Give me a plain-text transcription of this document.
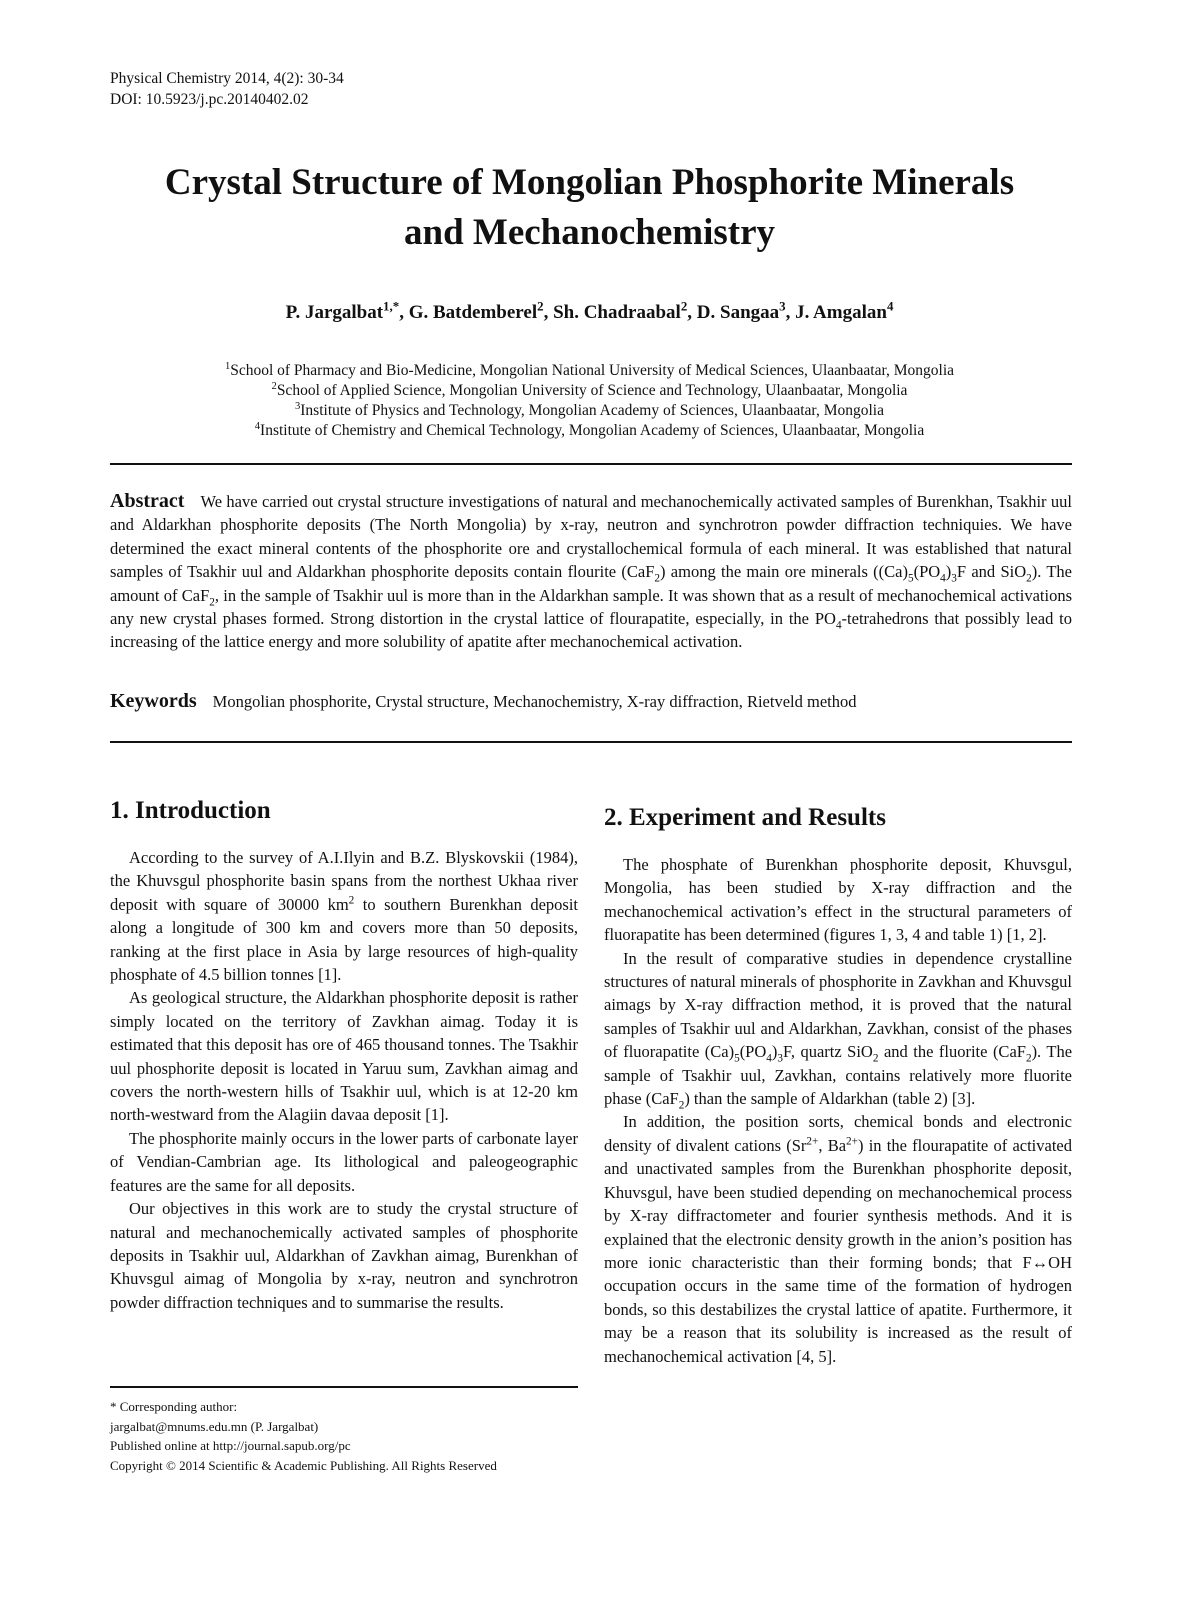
Physical Chemistry 2014, 4(2): 30-34
DOI: 10.5923/j.pc.20140402.02
Crystal Structure of Mongolian Phosphorite Minerals
and Mechanochemistry
P. Jargalbat$^{1,*}$, G. Batdemberel$^2$, Sh. Chadraabal$^2$, D. Sangaa$^3$, J. Amgalan$^4$
$^1$School of Pharmacy and Bio-Medicine, Mongolian National University of Medical Sciences, Ulaanbaatar, Mongolia
$^2$School of Applied Science, Mongolian University of Science and Technology, Ulaanbaatar, Mongolia
$^3$Institute of Physics and Technology, Mongolian Academy of Sciences, Ulaanbaatar, Mongolia
$^4$Institute of Chemistry and Chemical Technology, Mongolian Academy of Sciences, Ulaanbaatar, Mongolia
Abstract We have carried out crystal structure investigations of natural and mechanochemically activated samples of Burenkhan, Tsakhir uul and Aldarkhan phosphorite deposits (The North Mongolia) by x-ray, neutron and synchrotron powder diffraction techniquies. We have determined the exact mineral contents of the phosphorite ore and crystallochemical formula of each mineral. It was established that natural samples of Tsakhir uul and Aldarkhan phosphorite deposits contain flourite (CaF$_2$) among the main ore minerals ($(Ca)_5(PO_4)_3F$ and SiO$_2$). The amount of CaF$_2$, in the sample of Tsakhir uul is more than in the Aldarkhan sample. It was shown that as a result of mechanochemical activations any new crystal phases formed. Strong distortion in the crystal lattice of flourapatite, especially, in the $PO_4$-tetrahedrons that possibly lead to increasing of the lattice energy and more solubility of apatite after mechanochemical activation.
Keywords Mongolian phosphorite, Crystal structure, Mechanochemistry, X-ray diffraction, Rietveld method
1. Introduction

According to the survey of A.I.Ilyin and B.Z. Blyskovskii (1984), the Khuvsgul phosphorite basin spans from the northest Ukhaa river deposit with square of 30000 $km^2$ to southern Burenkhan deposit along a longitude of 300 km and covers more than 50 deposits, ranking at the first place in Asia by large resources of high-quality phosphate of 4.5 billion tonnes [1].

As geological structure, the Aldarkhan phosphorite deposit is rather simply located on the territory of Zavkhan aimag. Today it is estimated that this deposit has ore of 465 thousand tonnes. The Tsakhir uul phosphorite deposit is located in Yaruu sum, Zavkhan aimag and covers the north-western hills of Tsakhir uul, which is at 12-20 km north-westward from the Alagiin davaa deposit [1].

The phosphorite mainly occurs in the lower parts of carbonate layer of Vendian-Cambrian age. Its lithological and paleogeographic features are the same for all deposits.

Our objectives in this work are to study the crystal structure of natural and mechanochemically activated samples of phosphorite deposits in Tsakhir uul, Aldarkhan of Zavkhan aimag, Burenkhan of Khuvsgul aimag of Mongolia by x-ray, neutron and synchrotron powder diffraction techniques and to summarise the results.

* Corresponding author:
jargalbat@mnums.edu.mn (P. Jargalbat)
Published online at http://journal.sapub.org/pc
Copyright © 2014 Scientific & Academic Publishing. All Rights Reserved
2. Experiment and Results

The phosphate of Burenkhan phosphorite deposit, Khuvsgul, Mongolia, has been studied by X-ray diffraction and the mechanochemical activation’s effect in the structural parameters of fluorapatite has been determined (figures 1, 3, 4 and table 1) [1, 2].

In the result of comparative studies in dependence crystalline structures of natural minerals of phosphorite in Zavkhan and Khuvsgul aimags by X-ray diffraction method, it is proved that the natural samples of Tsakhir uul and Aldarkhan, Zavkhan, consist of the phases of fluorapatite $(Ca)_5(PO_4)_3F$, quartz SiO$_2$ and the fluorite (CaF$_2$). The sample of Tsakhir uul, Zavkhan, contains relatively more fluorite phase (CaF$_2$) than the sample of Aldarkhan (table 2) [3].

In addition, the position sorts, chemical bonds and electronic density of divalent cations ($Sr^{2+}$, $Ba^{2+}$) in the flourapatite of activated and unactivated samples from the Burenkhan phosphorite deposit, Khuvsgul, have been studied depending on mechanochemical process by X-ray diffractometer and fourier synthesis methods. And it is explained that the electronic density growth in the anion’s position has more ionic characteristic than their forming bonds; that F↔OH occupation occurs in the same time of the formation of hydrogen bonds, so this destabilizes the crystal lattice of apatite. Furthermore, it may be a reason that its solubility is increased as the result of mechanochemical activation [4, 5].
